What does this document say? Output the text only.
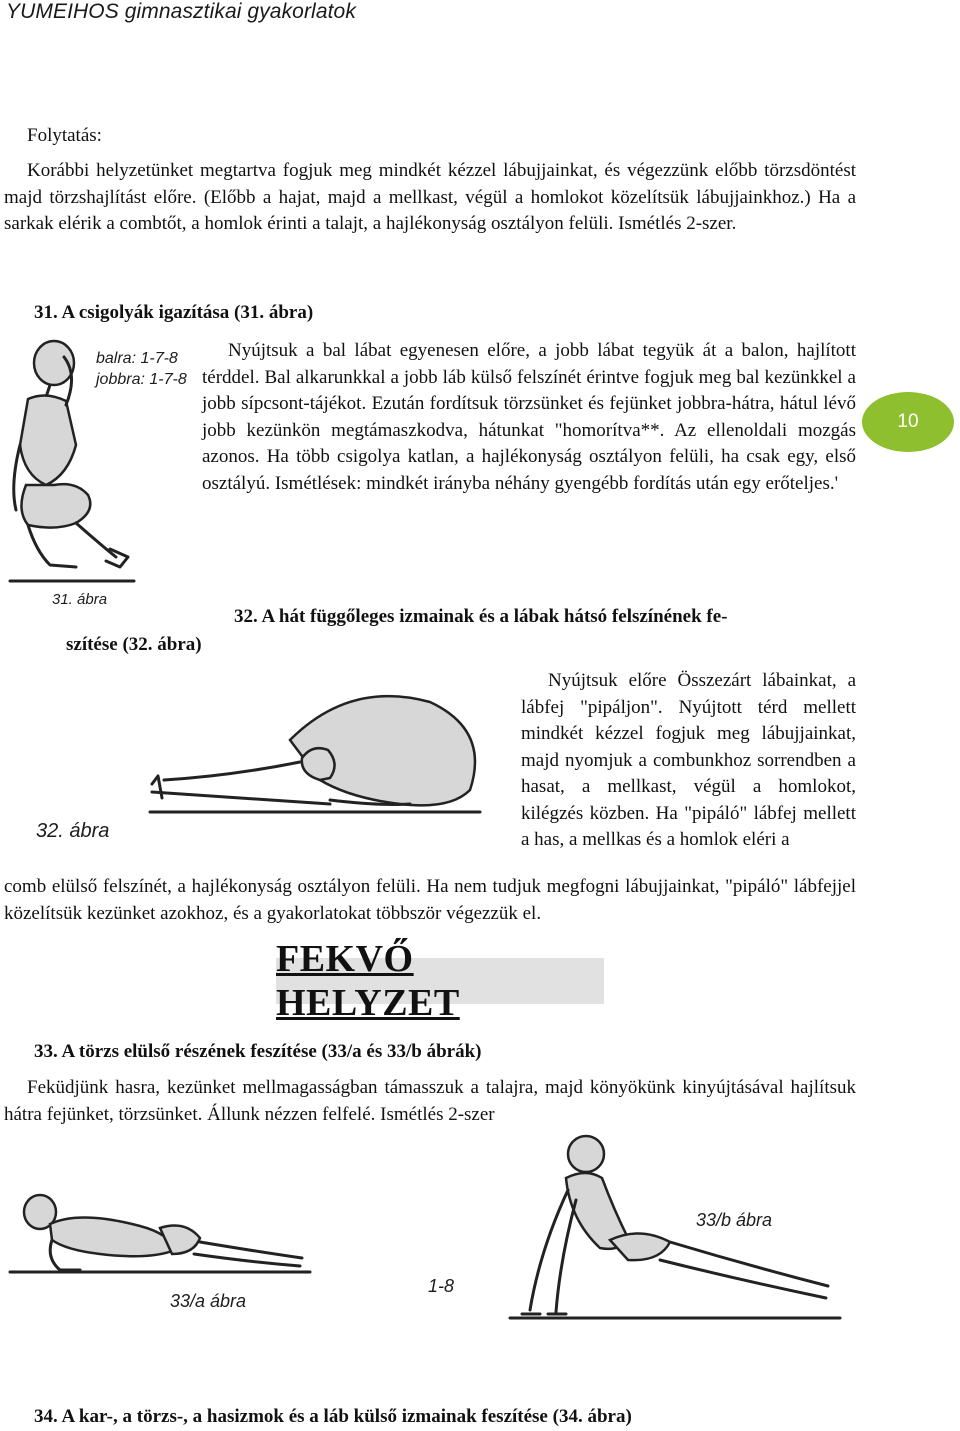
YUMEIHOS gimnasztikai gyakorlatok
10
Folytatás:
Korábbi helyzetünket megtartva fogjuk meg mindkét kézzel lábujjainkat, és végezzünk előbb törzsdöntést majd törzshajlítást előre. (Előbb a hajat, majd a mellkast, végül a homlokot közelítsük lábujjainkhoz.) Ha a sarkak elérik a combtőt, a homlok érinti a talajt, a hajlékonyság osztályon felüli. Ismétlés 2-szer.
31. A csigolyák igazítása (31. ábra)
balra: 1-7̇-8
jobbra: 1-7̇-8
Nyújtsuk a bal lábat egyenesen előre, a jobb lábat tegyük át a balon, hajlított térddel. Bal alkarunkkal a jobb láb külső felszínét érintve fogjuk meg bal kezünkkel a jobb sípcsont-tájékot. Ezután fordítsuk törzsünket és fejünket jobbra-hátra, hátul lévő jobb kezünkön megtámaszkodva, hátunkat "homorítva**. Az ellenoldali mozgás azonos. Ha több csigolya katlan, a hajlékonyság osztályon felüli, ha csak egy, első osztályú. Ismétlések: mindkét irányba néhány gyengébb fordítás után egy erőteljes.'
31. ábra
32. A hát függőleges izmainak és a lábak hátsó felszínének fe-
szítése (32. ábra)
32. ábra
Nyújtsuk előre Összezárt lábainkat, a lábfej "pipáljon". Nyújtott térd mellett mindkét kézzel fogjuk meg lábujjainkat, majd nyomjuk a combunkhoz sorrendben a hasat, a mellkast, végül a homlokot, kilégzés közben. Ha "pipáló" lábfej mellett a has, a mellkas és a homlok eléri a
comb elülső felszínét, a hajlékonyság osztályon felüli. Ha nem tudjuk megfogni lábujjainkat, "pipáló" lábfejjel közelítsük kezünket azokhoz, és a gyakorlatokat többször végezzük el.
FEKVŐ HELYZET
33. A törzs elülső részének feszítése (33/a és 33/b ábrák)
Feküdjünk hasra, kezünket mellmagasságban támasszuk a talajra, majd könyökünk kinyújtásával hajlítsuk hátra fejünket, törzsünket. Állunk nézzen felfelé. Ismétlés 2-szer
33/b ábra
1-8
33/a ábra
34. A kar-, a törzs-, a hasizmok és a láb külső izmainak feszítése (34. ábra)
